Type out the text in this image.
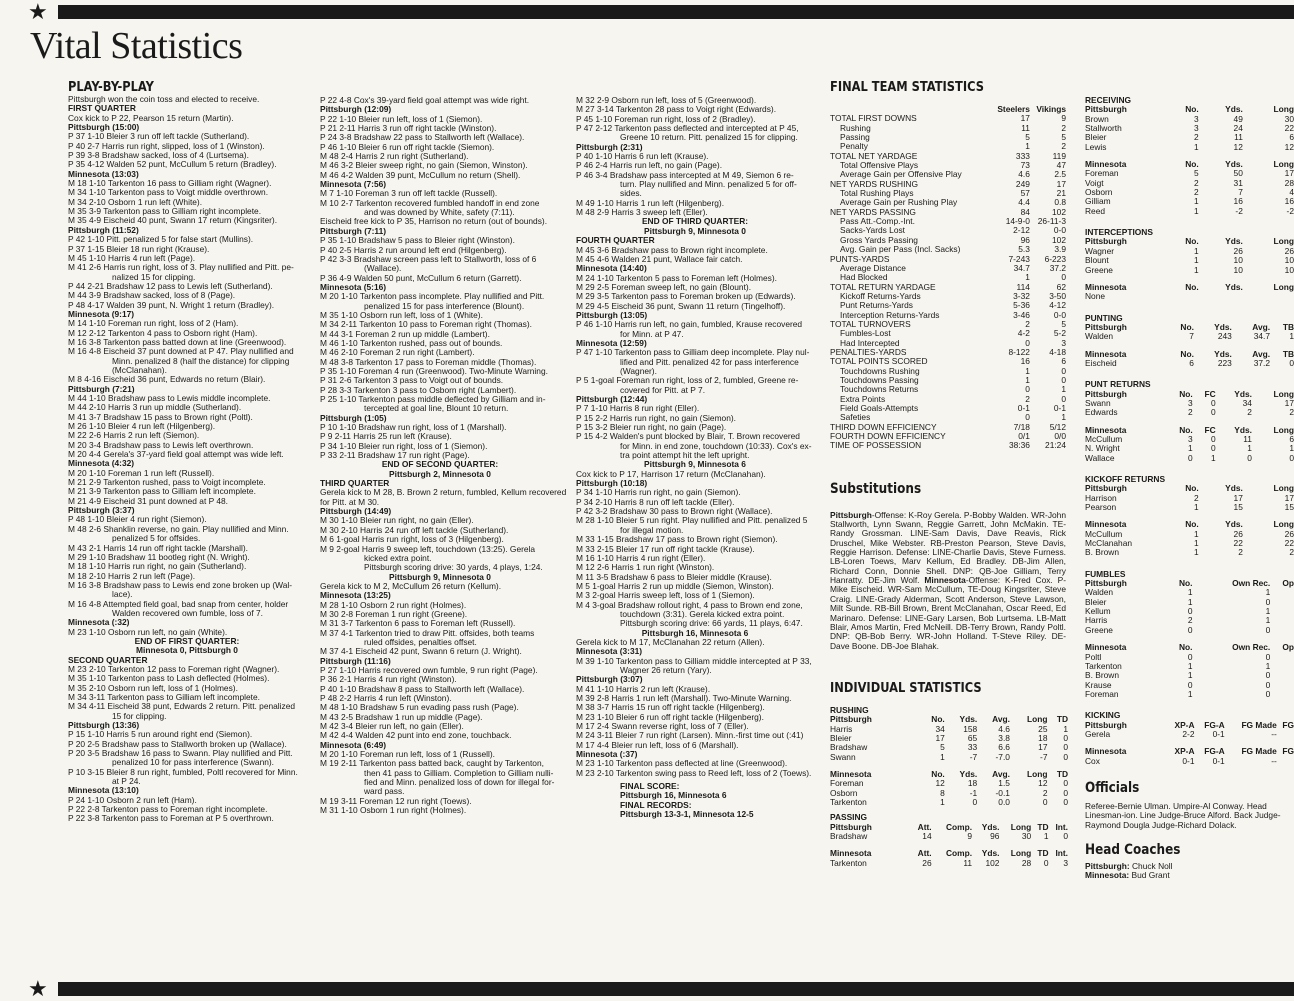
★
★
Vital Statistics
PLAY-BY-PLAY
Pittsburgh won the coin toss and elected to receive.
FIRST QUARTER
Cox kick to P 22, Pearson 15 return (Martin).
Pittsburgh (15:00)
P 37 1-10 Bleier 3 run off left tackle (Sutherland).
P 40 2-7 Harris run right, slipped, loss of 1 (Winston).
P 39 3-8 Bradshaw sacked, loss of 4 (Lurtsema).
P 35 4-12 Walden 52 punt, McCullum 5 return (Bradley).
Minnesota (13:03)
M 18 1-10 Tarkenton 16 pass to Gilliam right (Wagner).
M 34 1-10 Tarkenton pass to Voigt middle overthrown.
M 34 2-10 Osborn 1 run left (White).
M 35 3-9 Tarkenton pass to Gilliam right incomplete.
M 35 4-9 Eischeid 40 punt, Swann 17 return (Kingsriter).
Pittsburgh (11:52)
P 42 1-10 Pitt. penalized 5 for false start (Mullins).
P 37 1-15 Bleier 18 run right (Krause).
M 45 1-10 Harris 4 run left (Page).
M 41 2-6 Harris run right, loss of 3. Play nullified and Pitt. pe-
nalized 15 for clipping.
P 44 2-21 Bradshaw 12 pass to Lewis left (Sutherland).
M 44 3-9 Bradshaw sacked, loss of 8 (Page).
P 48 4-17 Walden 39 punt, N. Wright 1 return (Bradley).
Minnesota (9:17)
M 14 1-10 Foreman run right, loss of 2 (Ham).
M 12 2-12 Tarkenton 4 pass to Osborn right (Ham).
M 16 3-8 Tarkenton pass batted down at line (Greenwood).
M 16 4-8 Eischeid 37 punt downed at P 47. Play nullified and
Minn. penalized 8 (half the distance) for clipping
(McClanahan).
M 8 4-16 Eischeid 36 punt, Edwards no return (Blair).
Pittsburgh (7:21)
M 44 1-10 Bradshaw pass to Lewis middle incomplete.
M 44 2-10 Harris 3 run up middle (Sutherland).
M 41 3-7 Bradshaw 15 pass to Brown right (Poltl).
M 26 1-10 Bleier 4 run left (Hilgenberg).
M 22 2-6 Harris 2 run left (Siemon).
M 20 3-4 Bradshaw pass to Lewis left overthrown.
M 20 4-4 Gerela's 37-yard field goal attempt was wide left.
Minnesota (4:32)
M 20 1-10 Foreman 1 run left (Russell).
M 21 2-9 Tarkenton rushed, pass to Voigt incomplete.
M 21 3-9 Tarkenton pass to Gilliam left incomplete.
M 21 4-9 Eischeid 31 punt downed at P 48.
Pittsburgh (3:37)
P 48 1-10 Bleier 4 run right (Siemon).
M 48 2-6 Shanklin reverse, no gain. Play nullified and Minn.
penalized 5 for offsides.
M 43 2-1 Harris 14 run off right tackle (Marshall).
M 29 1-10 Bradshaw 11 bootleg right (N. Wright).
M 18 1-10 Harris run right, no gain (Sutherland).
M 18 2-10 Harris 2 run left (Page).
M 16 3-8 Bradshaw pass to Lewis end zone broken up (Wal-
lace).
M 16 4-8 Attempted field goal, bad snap from center, holder
Walden recovered own fumble, loss of 7.
Minnesota (:32)
M 23 1-10 Osborn run left, no gain (White).
END OF FIRST QUARTER:
Minnesota 0, Pittsburgh 0
SECOND QUARTER
M 23 2-10 Tarkenton 12 pass to Foreman right (Wagner).
M 35 1-10 Tarkenton pass to Lash deflected (Holmes).
M 35 2-10 Osborn run left, loss of 1 (Holmes).
M 34 3-11 Tarkenton pass to Gilliam left incomplete.
M 34 4-11 Eischeid 38 punt, Edwards 2 return. Pitt. penalized
15 for clipping.
Pittsburgh (13:36)
P 15 1-10 Harris 5 run around right end (Siemon).
P 20 2-5 Bradshaw pass to Stallworth broken up (Wallace).
P 20 3-5 Bradshaw 16 pass to Swann. Play nullified and Pitt.
penalized 10 for pass interference (Swann).
P 10 3-15 Bleier 8 run right, fumbled, Poltl recovered for Minn.
at P 24.
Minnesota (13:10)
P 24 1-10 Osborn 2 run left (Ham).
P 22 2-8 Tarkenton pass to Foreman right incomplete.
P 22 3-8 Tarkenton pass to Foreman at P 5 overthrown.
P 22 4-8 Cox's 39-yard field goal attempt was wide right.
Pittsburgh (12:09)
P 22 1-10 Bleier run left, loss of 1 (Siemon).
P 21 2-11 Harris 3 run off right tackle (Winston).
P 24 3-8 Bradshaw 22 pass to Stallworth left (Wallace).
P 46 1-10 Bleier 6 run off right tackle (Siemon).
M 48 2-4 Harris 2 run right (Sutherland).
M 46 3-2 Bleier sweep right, no gain (Siemon, Winston).
M 46 4-2 Walden 39 punt, McCullum no return (Shell).
Minnesota (7:56)
M 7 1-10 Foreman 3 run off left tackle (Russell).
M 10 2-7 Tarkenton recovered fumbled handoff in end zone
and was downed by White, safety (7:11).
Eischeid free kick to P 35, Harrison no return (out of bounds).
Pittsburgh (7:11)
P 35 1-10 Bradshaw 5 pass to Bleier right (Winston).
P 40 2-5 Harris 2 run around left end (Hilgenberg).
P 42 3-3 Bradshaw screen pass left to Stallworth, loss of 6
(Wallace).
P 36 4-9 Walden 50 punt, McCullum 6 return (Garrett).
Minnesota (5:16)
M 20 1-10 Tarkenton pass incomplete. Play nullified and Pitt.
penalized 15 for pass interference (Blount).
M 35 1-10 Osborn run left, loss of 1 (White).
M 34 2-11 Tarkenton 10 pass to Foreman right (Thomas).
M 44 3-1 Foreman 2 run up middle (Lambert).
M 46 1-10 Tarkenton rushed, pass out of bounds.
M 46 2-10 Foreman 2 run right (Lambert).
M 48 3-8 Tarkenton 17 pass to Foreman middle (Thomas).
P 35 1-10 Foreman 4 run (Greenwood). Two-Minute Warning.
P 31 2-6 Tarkenton 3 pass to Voigt out of bounds.
P 28 3-3 Tarkenton 3 pass to Osborn right (Lambert).
P 25 1-10 Tarkenton pass middle deflected by Gilliam and in-
tercepted at goal line, Blount 10 return.
Pittsburgh (1:05)
P 10 1-10 Bradshaw run right, loss of 1 (Marshall).
P 9 2-11 Harris 25 run left (Krause).
P 34 1-10 Bleier run right, loss of 1 (Siemon).
P 33 2-11 Bradshaw 17 run right (Page).
END OF SECOND QUARTER:
Pittsburgh 2, Minnesota 0
THIRD QUARTER
Gerela kick to M 28, B. Brown 2 return, fumbled, Kellum recovered
for Pitt. at M 30.
Pittsburgh (14:49)
M 30 1-10 Bleier run right, no gain (Eller).
M 30 2-10 Harris 24 run off left tackle (Sutherland).
M 6 1-goal Harris run right, loss of 3 (Hilgenberg).
M 9 2-goal Harris 9 sweep left, touchdown (13:25). Gerela
kicked extra point.
Pittsburgh scoring drive: 30 yards, 4 plays, 1:24.
Pittsburgh 9, Minnesota 0
Gerela kick to M 2, McCullum 26 return (Kellum).
Minnesota (13:25)
M 28 1-10 Osborn 2 run right (Holmes).
M 30 2-8 Foreman 1 run right (Greene).
M 31 3-7 Tarkenton 6 pass to Foreman left (Russell).
M 37 4-1 Tarkenton tried to draw Pitt. offsides, both teams
ruled offsides, penalties offset.
M 37 4-1 Eischeid 42 punt, Swann 6 return (J. Wright).
Pittsburgh (11:16)
P 27 1-10 Harris recovered own fumble, 9 run right (Page).
P 36 2-1 Harris 4 run right (Winston).
P 40 1-10 Bradshaw 8 pass to Stallworth left (Wallace).
P 48 2-2 Harris 4 run left (Winston).
M 48 1-10 Bradshaw 5 run evading pass rush (Page).
M 43 2-5 Bradshaw 1 run up middle (Page).
M 42 3-4 Bleier run left, no gain (Eller).
M 42 4-4 Walden 42 punt into end zone, touchback.
Minnesota (6:49)
M 20 1-10 Foreman run left, loss of 1 (Russell).
M 19 2-11 Tarkenton pass batted back, caught by Tarkenton,
then 41 pass to Gilliam. Completion to Gilliam nulli-
fied and Minn. penalized loss of down for illegal for-
ward pass.
M 19 3-11 Foreman 12 run right (Toews).
M 31 1-10 Osborn 1 run right (Holmes).
M 32 2-9 Osborn run left, loss of 5 (Greenwood).
M 27 3-14 Tarkenton 28 pass to Voigt right (Edwards).
P 45 1-10 Foreman run right, loss of 2 (Bradley).
P 47 2-12 Tarkenton pass deflected and intercepted at P 45,
Greene 10 return. Pitt. penalized 15 for clipping.
Pittsburgh (2:31)
P 40 1-10 Harris 6 run left (Krause).
P 46 2-4 Harris run left, no gain (Page).
P 46 3-4 Bradshaw pass intercepted at M 49, Siemon 6 re-
turn. Play nullified and Minn. penalized 5 for off-
sides.
M 49 1-10 Harris 1 run left (Hilgenberg).
M 48 2-9 Harris 3 sweep left (Eller).
END OF THIRD QUARTER:
Pittsburgh 9, Minnesota 0
FOURTH QUARTER
M 45 3-6 Bradshaw pass to Brown right incomplete.
M 45 4-6 Walden 21 punt, Wallace fair catch.
Minnesota (14:40)
M 24 1-10 Tarkenton 5 pass to Foreman left (Holmes).
M 29 2-5 Foreman sweep left, no gain (Blount).
M 29 3-5 Tarkenton pass to Foreman broken up (Edwards).
M 29 4-5 Eischeid 36 punt, Swann 11 return (Tingelhoff).
Pittsburgh (13:05)
P 46 1-10 Harris run left, no gain, fumbled, Krause recovered
for Minn. at P 47.
Minnesota (12:59)
P 47 1-10 Tarkenton pass to Gilliam deep incomplete. Play nul-
lified and Pitt. penalized 42 for pass interference
(Wagner).
P 5 1-goal Foreman run right, loss of 2, fumbled, Greene re-
covered for Pitt. at P 7.
Pittsburgh (12:44)
P 7 1-10 Harris 8 run right (Eller).
P 15 2-2 Harris run right, no gain (Siemon).
P 15 3-2 Bleier run right, no gain (Page).
P 15 4-2 Walden's punt blocked by Blair, T. Brown recovered
for Minn. in end zone, touchdown (10:33). Cox's ex-
tra point attempt hit the left upright.
Pittsburgh 9, Minnesota 6
Cox kick to P 17, Harrison 17 return (McClanahan).
Pittsburgh (10:18)
P 34 1-10 Harris run right, no gain (Siemon).
P 34 2-10 Harris 8 run off left tackle (Eller).
P 42 3-2 Bradshaw 30 pass to Brown right (Wallace).
M 28 1-10 Bleier 5 run right. Play nullified and Pitt. penalized 5
for illegal motion.
M 33 1-15 Bradshaw 17 pass to Brown right (Siemon).
M 33 2-15 Bleier 17 run off right tackle (Krause).
M 16 1-10 Harris 4 run right (Eller).
M 12 2-6 Harris 1 run right (Winston).
M 11 3-5 Bradshaw 6 pass to Bleier middle (Krause).
M 5 1-goal Harris 2 run up middle (Siemon, Winston).
M 3 2-goal Harris sweep left, loss of 1 (Siemon).
M 4 3-goal Bradshaw rollout right, 4 pass to Brown end zone,
touchdown (3:31). Gerela kicked extra point.
Pittsburgh scoring drive: 66 yards, 11 plays, 6:47.
Pittsburgh 16, Minnesota 6
Gerela kick to M 17, McClanahan 22 return (Allen).
Minnesota (3:31)
M 39 1-10 Tarkenton pass to Gilliam middle intercepted at P 33,
Wagner 26 return (Yary).
Pittsburgh (3:07)
M 41 1-10 Harris 2 run left (Krause).
M 39 2-8 Harris 1 run left (Marshall). Two-Minute Warning.
M 38 3-7 Harris 15 run off right tackle (Hilgenberg).
M 23 1-10 Bleier 6 run off right tackle (Hilgenberg).
M 17 2-4 Swann reverse right, loss of 7 (Eller).
M 24 3-11 Bleier 7 run right (Larsen). Minn.-first time out (:41)
M 17 4-4 Bleier run left, loss of 6 (Marshall).
Minnesota (:37)
M 23 1-10 Tarkenton pass deflected at line (Greenwood).
M 23 2-10 Tarkenton swing pass to Reed left, loss of 2 (Toews).
FINAL SCORE:
Pittsburgh 16, Minnesota 6
FINAL RECORDS:
Pittsburgh 13-3-1, Minnesota 12-5
FINAL TEAM STATISTICS
	Steelers	Vikings
TOTAL FIRST DOWNS	17	9
Rushing	11	2
Passing	5	5
Penalty	1	2
TOTAL NET YARDAGE	333	119
Total Offensive Plays	73	47
Average Gain per Offensive Play	4.6	2.5
NET YARDS RUSHING	249	17
Total Rushing Plays	57	21
Average Gain per Rushing Play	4.4	0.8
NET YARDS PASSING	84	102
Pass Att.-Comp.-Int.	14-9-0	26-11-3
Sacks-Yards Lost	2-12	0-0
Gross Yards Passing	96	102
Avg. Gain per Pass (Incl. Sacks)	5.3	3.9
PUNTS-YARDS	7-243	6-223
Average Distance	34.7	37.2
Had Blocked	1	0
TOTAL RETURN YARDAGE	114	62
Kickoff Returns-Yards	3-32	3-50
Punt Returns-Yards	5-36	4-12
Interception Returns-Yards	3-46	0-0
TOTAL TURNOVERS	2	5
Fumbles-Lost	4-2	5-2
Had Intercepted	0	3
PENALTIES-YARDS	8-122	4-18
TOTAL POINTS SCORED	16	6
Touchdowns Rushing	1	0
Touchdowns Passing	1	0
Touchdowns Returns	0	1
Extra Points	2	0
Field Goals-Attempts	0-1	0-1
Safeties	0	1
THIRD DOWN EFFICIENCY	7/18	5/12
FOURTH DOWN EFFICIENCY	0/1	0/0
TIME OF POSSESSION	38:36	21:24
Substitutions
Pittsburgh-Offense: K-Roy Gerela. P-Bobby Walden. WR-John Stallworth, Lynn Swann, Reggie Garrett, John McMakin. TE-Randy Grossman. LINE-Sam Davis, Dave Reavis, Rick Druschel, Mike Webster. RB-Preston Pearson, Steve Davis, Reggie Harrison. Defense: LINE-Charlie Davis, Steve Furness. LB-Loren Toews, Marv Kellum, Ed Bradley. DB-Jim Allen, Richard Conn, Donnie Shell. DNP: QB-Joe Gilliam, Terry Hanratty. DE-Jim Wolf. Minnesota-Offense: K-Fred Cox. P-Mike Eischeid. WR-Sam McCullum, TE-Doug Kingsriter, Steve Craig. LINE-Grady Alderman, Scott Anderson, Steve Lawson, Milt Sunde. RB-Bill Brown, Brent McClanahan, Oscar Reed, Ed Marinaro. Defense: LINE-Gary Larsen, Bob Lurtsema. LB-Matt Blair, Amos Martin, Fred McNeill. DB-Terry Brown, Randy Poltl. DNP: QB-Bob Berry. WR-John Holland. T-Steve Riley. DE-Dave Boone. DB-Joe Blahak.
INDIVIDUAL STATISTICS
RUSHING
Pittsburgh	No.	Yds.	Avg.	Long	TD
Harris	34	158	4.6	25	1
Bleier	17	65	3.8	18	0
Bradshaw	5	33	6.6	17	0
Swann	1	-7	-7.0	-7	0
Minnesota	No.	Yds.	Avg.	Long	TD
Foreman	12	18	1.5	12	0
Osborn	8	-1	-0.1	2	0
Tarkenton	1	0	0.0	0	0
PASSING
Pittsburgh	Att.	Comp.	Yds.	Long	TD	Int.
Bradshaw	14	9	96	30	1	0
Minnesota	Att.	Comp.	Yds.	Long	TD	Int.
Tarkenton	26	11	102	28	0	3
RECEIVING
Pittsburgh	No.	Yds.	Long
Brown	3	49	30
Stallworth	3	24	22
Bleier	2	11	6
Lewis	1	12	12
Minnesota	No.	Yds.	Long
Foreman	5	50	17
Voigt	2	31	28
Osborn	2	7	4
Gilliam	1	16	16
Reed	1	-2	-2
INTERCEPTIONS
Pittsburgh	No.	Yds.	Long
Wagner	1	26	26
Blount	1	10	10
Greene	1	10	10
Minnesota	No.	Yds.	Long
None			
PUNTING
Pittsburgh	No.	Yds.	Avg.	TB
Walden	7	243	34.7	1
Minnesota	No.	Yds.	Avg.	TB
Eischeid	6	223	37.2	0
PUNT RETURNS
Pittsburgh	No.	FC	Yds.	Long
Swann	3	0	34	17
Edwards	2	0	2	2
Minnesota	No.	FC	Yds.	Long
McCullum	3	0	11	6
N. Wright	1	0	1	1
Wallace	0	1	0	0
KICKOFF RETURNS
Pittsburgh	No.	Yds.	Long
Harrison	2	17	17
Pearson	1	15	15
Minnesota	No.	Yds.	Long
McCullum	1	26	26
McClanahan	1	22	22
B. Brown	1	2	2
FUMBLES
Pittsburgh	No.	Own Rec.	Op
Walden	1	1	
Bleier	1	0	
Kellum	0	1	
Harris	2	1	
Greene	0	0	
Minnesota	No.	Own Rec.	Op
Poltl	0	0	
Tarkenton	1	1	
B. Brown	1	0	
Krause	0	0	
Foreman	1	0	
KICKING
Pittsburgh	XP-A	FG-A	FG Made	FG
Gerela	2-2	0-1	--	
Minnesota	XP-A	FG-A	FG Made	FG
Cox	0-1	0-1	--	
Officials
Referee-Bernie Ulman. Umpire-Al Conway. Head Linesman-ion. Line Judge-Bruce Alford. Back Judge-Raymond Dougla Judge-Richard Dolack.
Head Coaches
Pittsburgh: Chuck Noll
Minnesota: Bud Grant
